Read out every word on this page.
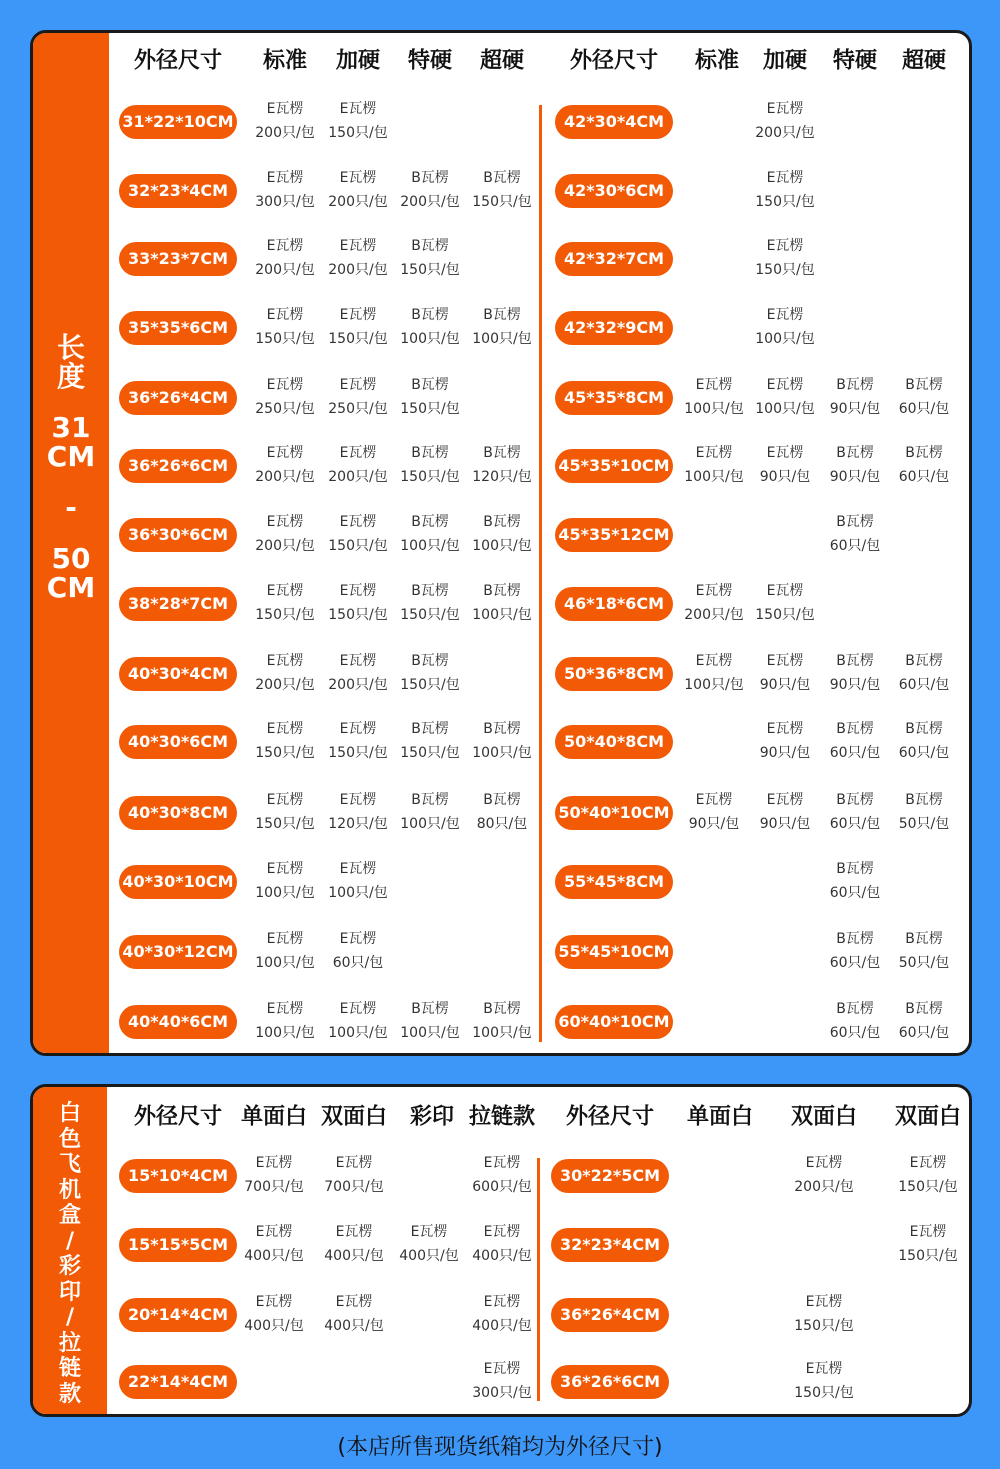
长
度
31
CM
-
50
CM
外径尺寸 标准 加硬 特硬 超硬 外径尺寸 标准 加硬 特硬 超硬
31*22*10CM
E瓦楞
200只/包
E瓦楞
150只/包
32*23*4CM
E瓦楞
300只/包
E瓦楞
200只/包
B瓦楞
200只/包
B瓦楞
150只/包
33*23*7CM
E瓦楞
200只/包
E瓦楞
200只/包
B瓦楞
150只/包
35*35*6CM
E瓦楞
150只/包
E瓦楞
150只/包
B瓦楞
100只/包
B瓦楞
100只/包
36*26*4CM
E瓦楞
250只/包
E瓦楞
250只/包
B瓦楞
150只/包
36*26*6CM
E瓦楞
200只/包
E瓦楞
200只/包
B瓦楞
150只/包
B瓦楞
120只/包
36*30*6CM
E瓦楞
200只/包
E瓦楞
150只/包
B瓦楞
100只/包
B瓦楞
100只/包
38*28*7CM
E瓦楞
150只/包
E瓦楞
150只/包
B瓦楞
150只/包
B瓦楞
100只/包
40*30*4CM
E瓦楞
200只/包
E瓦楞
200只/包
B瓦楞
150只/包
40*30*6CM
E瓦楞
150只/包
E瓦楞
150只/包
B瓦楞
150只/包
B瓦楞
100只/包
40*30*8CM
E瓦楞
150只/包
E瓦楞
120只/包
B瓦楞
100只/包
B瓦楞
80只/包
40*30*10CM
E瓦楞
100只/包
E瓦楞
100只/包
40*30*12CM
E瓦楞
100只/包
E瓦楞
60只/包
40*40*6CM
E瓦楞
100只/包
E瓦楞
100只/包
B瓦楞
100只/包
B瓦楞
100只/包
42*30*4CM
E瓦楞
200只/包
42*30*6CM
E瓦楞
150只/包
42*32*7CM
E瓦楞
150只/包
42*32*9CM
E瓦楞
100只/包
45*35*8CM
E瓦楞
100只/包
E瓦楞
100只/包
B瓦楞
90只/包
B瓦楞
60只/包
45*35*10CM
E瓦楞
100只/包
E瓦楞
90只/包
B瓦楞
90只/包
B瓦楞
60只/包
45*35*12CM
B瓦楞
60只/包
46*18*6CM
E瓦楞
200只/包
E瓦楞
150只/包
50*36*8CM
E瓦楞
100只/包
E瓦楞
90只/包
B瓦楞
90只/包
B瓦楞
60只/包
50*40*8CM
E瓦楞
90只/包
B瓦楞
60只/包
B瓦楞
60只/包
50*40*10CM
E瓦楞
90只/包
E瓦楞
90只/包
B瓦楞
60只/包
B瓦楞
50只/包
55*45*8CM
B瓦楞
60只/包
55*45*10CM
B瓦楞
60只/包
B瓦楞
50只/包
60*40*10CM
B瓦楞
60只/包
B瓦楞
60只/包
白
色
飞
机
盒
/
彩
印
/
拉
链
款
外径尺寸 单面白 双面白 彩印 拉链款 外径尺寸 单面白 双面白 双面白
15*10*4CM
E瓦楞
700只/包
E瓦楞
700只/包
E瓦楞
600只/包
15*15*5CM
E瓦楞
400只/包
E瓦楞
400只/包
E瓦楞
400只/包
E瓦楞
400只/包
20*14*4CM
E瓦楞
400只/包
E瓦楞
400只/包
E瓦楞
400只/包
22*14*4CM
E瓦楞
300只/包
30*22*5CM
E瓦楞
200只/包
E瓦楞
150只/包
32*23*4CM
E瓦楞
150只/包
36*26*4CM
E瓦楞
150只/包
36*26*6CM
E瓦楞
150只/包
(本店所售现货纸箱均为外径尺寸)
